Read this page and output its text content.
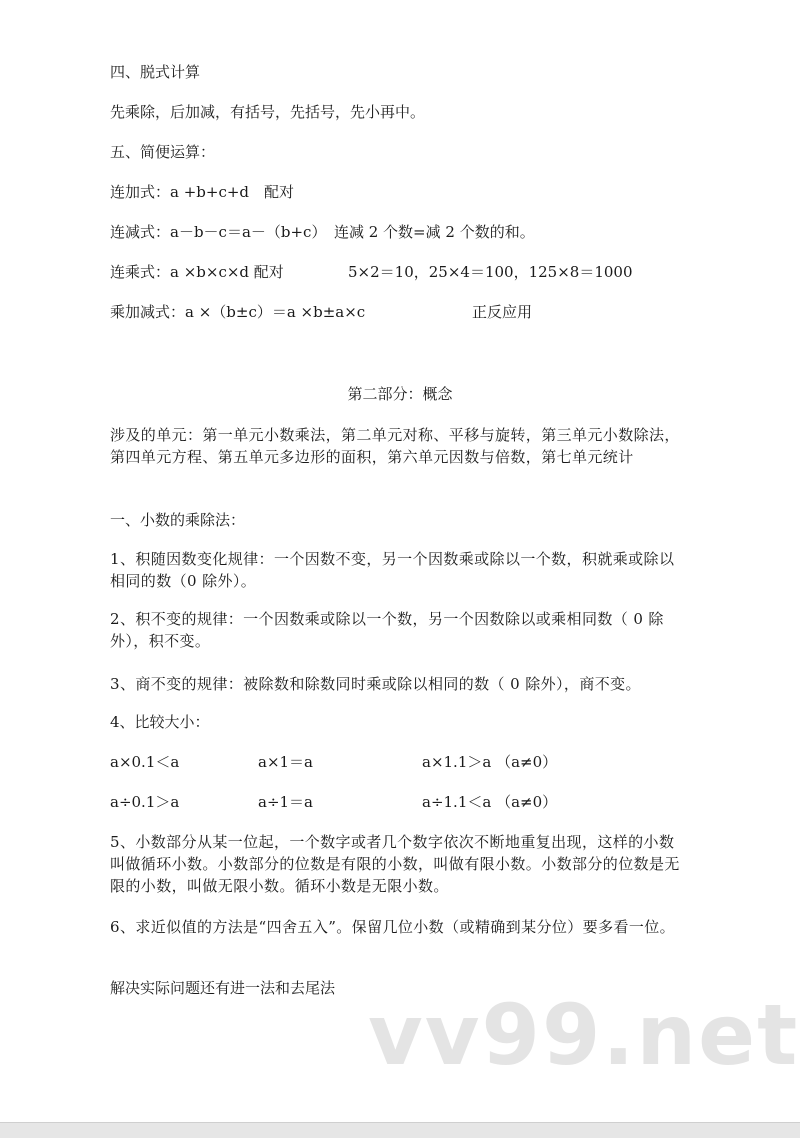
四、脱式计算
先乘除，后加减，有括号，先括号，先小再中。
五、简便运算：
连加式：a +b+c+d　配对
连减式：a－b－c＝a－（b+c）　连减 2 个数=减 2 个数的和。
连乘式：a ×b×c×d 配对	5×2＝10，25×4＝100，125×8＝1000
乘加减式：a ×（b±c）＝a ×b±a×c	正反应用
第二部分：概念
涉及的单元：第一单元小数乘法，第二单元对称、平移与旋转，第三单元小数除法，第四单元方程、第五单元多边形的面积，第六单元因数与倍数，第七单元统计
一、小数的乘除法：
1、积随因数变化规律：一个因数不变，另一个因数乘或除以一个数，积就乘或除以相同的数（0 除外）。
2、积不变的规律：一个因数乘或除以一个数，另一个因数除以或乘相同数（ 0 除外），积不变。
3、商不变的规律：被除数和除数同时乘或除以相同的数（ 0 除外），商不变。
4、比较大小：
a×0.1＜a	a×1＝a	a×1.1＞a （a≠0）
a÷0.1＞a	a÷1＝a	a÷1.1＜a （a≠0）
5、小数部分从某一位起，一个数字或者几个数字依次不断地重复出现，这样的小数叫做循环小数。小数部分的位数是有限的小数，叫做有限小数。小数部分的位数是无限的小数，叫做无限小数。循环小数是无限小数。
6、求近似值的方法是“四舍五入”。保留几位小数（或精确到某分位）要多看一位。
解决实际问题还有进一法和去尾法 vv99.net
